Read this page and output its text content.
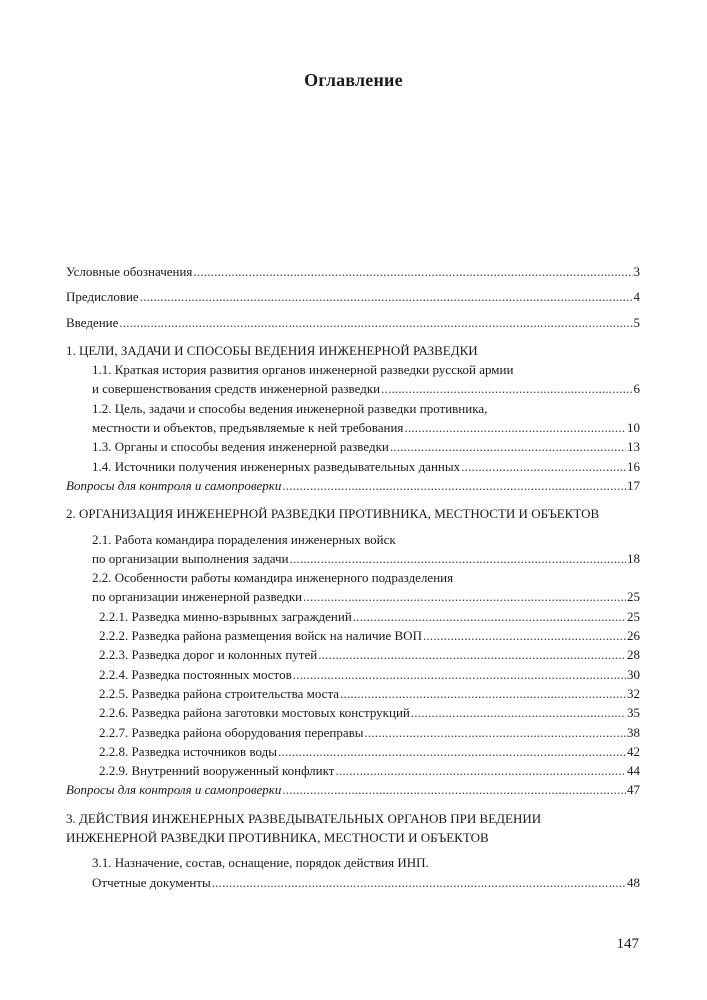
Оглавление
Условные обозначения .....	3
Предисловие .....	4
Введение .....	5
1. ЦЕЛИ, ЗАДАЧИ И СПОСОБЫ ВЕДЕНИЯ ИНЖЕНЕРНОЙ РАЗВЕДКИ
1.1. Краткая история развития органов инженерной разведки русской армии
и совершенствования средств инженерной разведки .....	6
1.2. Цель, задачи и способы ведения инженерной разведки противника,
местности и объектов, предъявляемые к ней требования .....	10
1.3. Органы и способы ведения инженерной разведки .....	13
1.4. Источники получения инженерных разведывательных данных .....	16
Вопросы для контроля и самопроверки .....	17
2. ОРГАНИЗАЦИЯ ИНЖЕНЕРНОЙ РАЗВЕДКИ ПРОТИВНИКА, МЕСТНОСТИ И ОБЪЕКТОВ
2.1. Работа командира пораделения инженерных войск
по организации выполнения задачи .....	18
2.2. Особенности работы командира инженерного подразделения
по организации инженерной разведки .....	25
2.2.1. Разведка минно-взрывных заграждений .....	25
2.2.2. Разведка района размещения войск на наличие ВОП .....	26
2.2.3. Разведка дорог и колонных путей .....	28
2.2.4. Разведка постоянных мостов .....	30
2.2.5. Разведка района строительства моста .....	32
2.2.6. Разведка района заготовки мостовых конструкций .....	35
2.2.7. Разведка района оборудования переправы .....	38
2.2.8. Разведка источников воды .....	42
2.2.9. Внутренний вооруженный конфликт .....	44
Вопросы для контроля и самопроверки .....	47
3. ДЕЙСТВИЯ ИНЖЕНЕРНЫХ РАЗВЕДЫВАТЕЛЬНЫХ ОРГАНОВ ПРИ ВЕДЕНИИ
ИНЖЕНЕРНОЙ РАЗВЕДКИ ПРОТИВНИКА, МЕСТНОСТИ И ОБЪЕКТОВ
3.1. Назначение, состав, оснащение, порядок действия ИНП.
Отчетные документы .....	48
147
